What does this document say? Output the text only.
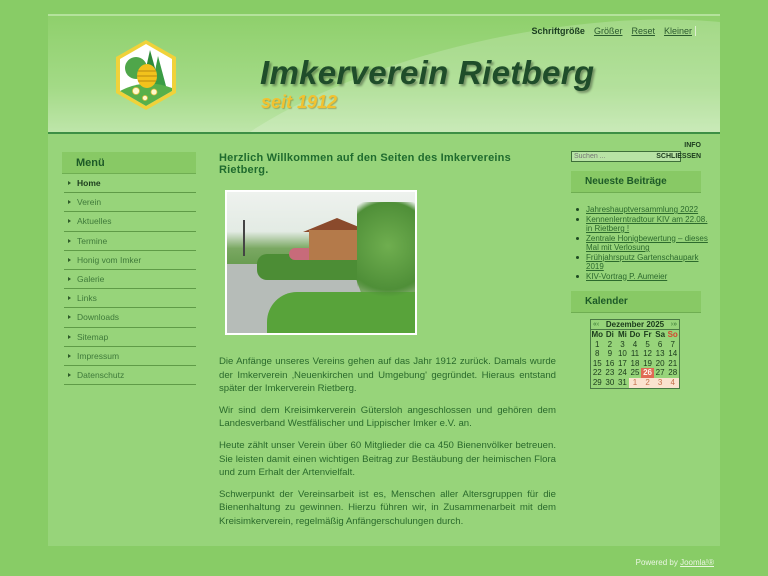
Imkerverein Rietberg
seit 1912
Schriftgröße Größer Reset Kleiner
Menü
Home
Verein
Aktuelles
Termine
Honig vom Imker
Galerie
Links
Downloads
Sitemap
Impressum
Datenschutz
Herzlich Willkommen auf den Seiten des Imkervereins Rietberg.

Die Anfänge unseres Vereins gehen auf das Jahr 1912 zurück. Damals wurde der Imkerverein ‚Neuenkirchen und Umgebung' gegründet. Hieraus entstand später der Imkerverein Rietberg.

Wir sind dem Kreisimkerverein Gütersloh angeschlossen und gehören dem Landesverband Westfälischer und Lippischer Imker e.V. an.

Heute zählt unser Verein über 60 Mitglieder die ca 450 Bienenvölker betreuen. Sie leisten damit einen wichtigen Beitrag zur Bestäubung der heimischen Flora und zum Erhalt der Artenvielfalt.

Schwerpunkt der Vereinsarbeit ist es, Menschen aller Altersgruppen für die Bienenhaltung zu gewinnen. Hierzu führen wir, in Zusammenarbeit mit dem Kreisimkerverein, regelmäßig Anfängerschulungen durch.

INFO
Suchen ...
SCHLIESSEN
Neueste Beiträge
Jahreshauptversammlung 2022
Kennenlerntradtour KIV am 22.08. in Rietberg !
Zentrale Honigbewertung – dieses Mal mit Verlosung
Frühjahrsputz Gartenschaupark 2019
KIV-Vortrag P. Aumeier
Kalender
«‹ Dezember 2025 ›»
Mo Di Mi Do Fr Sa So
1	2	3	4	5	6	7
8	9 10 11 12 13 14
15 16 17 18 19 20 21
22 23 24 25 26 27 28
29 30 31 1	2	3	4
Powered by Joomla!®
